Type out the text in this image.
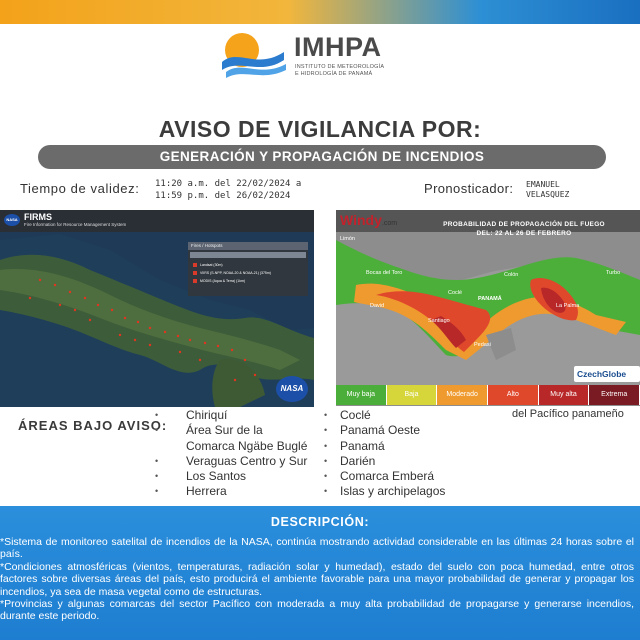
IMHPA
INSTITUTO DE METEOROLOGÍA
E HIDROLOGÍA DE PANAMÁ
AVISO DE VIGILANCIA POR:
GENERACIÓN Y PROPAGACIÓN DE INCENDIOS
Tiempo de validez: 11:20 a.m. del 22/02/2024 a
11:59 p.m. del 26/02/2024	Pronosticador: EMANUEL VELASQUEZ
NASA FIRMS
Fire Information for Resource Management System
Fires / Hotspots
Landsat (30m)
VIIRS (S-NPP, NOAA-20 & NOAA-21) (375m)
MODIS (Aqua & Terra) (1km)
NASA
Windy.com	PROBABILIDAD DE PROPAGACIÓN DEL FUEGO
DEL: 22 AL 26 DE FEBRERO
Limón
Bocas del Toro	Colón
PANAMÁ
Coclé
David
Santiago
Pedasi
La Palma
Turbo
CzechGlobe
Muy baja	Baja	Moderado	Alto	Muy alta	Extrema
ÁREAS BAJO AVISO:
• Chiriquí
• Área Sur de la
Comarca Ngäbe Buglé
• Veraguas Centro y Sur
• Los Santos
• Herrera
• Coclé
• Panamá Oeste
• Panamá
• Darién
• Comarca Emberá
• Islas y archipelagos
del Pacífico panameño
DESCRIPCIÓN:
*Sistema de monitoreo satelital de incendios de la NASA, continúa mostrando actividad considerable en las últimas 24 horas sobre el país.
*Condiciones atmosféricas (vientos, temperaturas, radiación solar y humedad), estado del suelo con poca humedad, entre otros factores sobre diversas áreas del país, esto producirá el ambiente favorable para una mayor probabilidad de generar y propagar los incendios, ya sea de masa vegetal como de estructuras.
*Provincias y algunas comarcas del sector Pacífico con moderada a muy alta probabilidad de propagarse y generarse incendios, durante este periodo.
